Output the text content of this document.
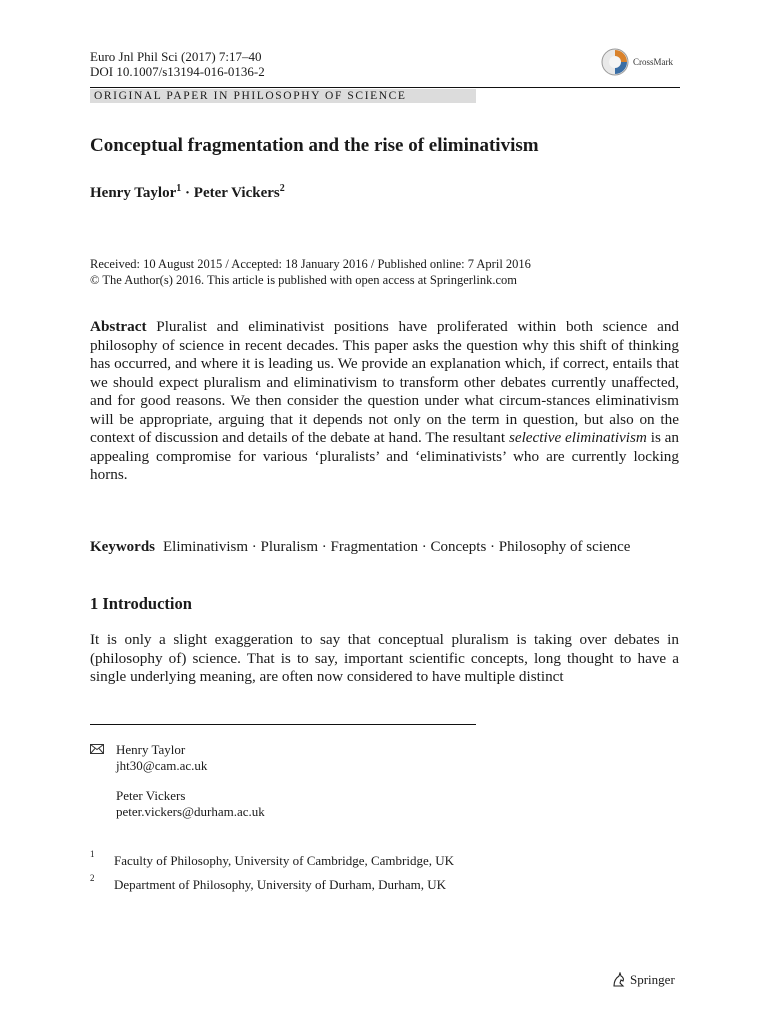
Euro Jnl Phil Sci (2017) 7:17–40
DOI 10.1007/s13194-016-0136-2
CrossMark
ORIGINAL PAPER IN PHILOSOPHY OF SCIENCE
Conceptual fragmentation and the rise of eliminativism
Henry Taylor$^1$ · Peter Vickers$^2$
Received: 10 August 2015 / Accepted: 18 January 2016 / Published online: 7 April 2016
© The Author(s) 2016. This article is published with open access at Springerlink.com
Abstract Pluralist and eliminativist positions have proliferated within both science and philosophy of science in recent decades. This paper asks the question why this shift of thinking has occurred, and where it is leading us. We provide an explanation which, if correct, entails that we should expect pluralism and eliminativism to transform other debates currently unaffected, and for good reasons. We then consider the question under what circum-stances eliminativism will be appropriate, arguing that it depends not only on the term in question, but also on the context of discussion and details of the debate at hand. The resultant selective eliminativism is an appealing compromise for various ‘pluralists’ and ‘eliminativists’ who are currently locking horns.
Keywords Eliminativism · Pluralism · Fragmentation · Concepts · Philosophy of science
1 Introduction
It is only a slight exaggeration to say that conceptual pluralism is taking over debates in (philosophy of) science. That is to say, important scientific concepts, long thought to have a single underlying meaning, are often now considered to have multiple distinct
Henry Taylor
jht30@cam.ac.uk
Peter Vickers
peter.vickers@durham.ac.uk
1 Faculty of Philosophy, University of Cambridge, Cambridge, UK
2 Department of Philosophy, University of Durham, Durham, UK
Springer
